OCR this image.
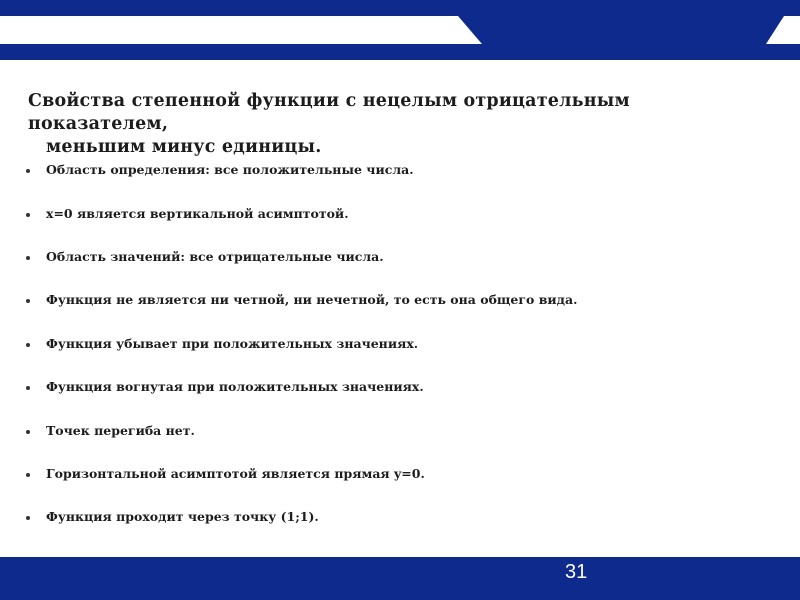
Свойства степенной функции с нецелым отрицательным показателем,
меньшим минус единицы.
Область определения: все положительные числа.
x=0 является вертикальной асимптотой.
Область значений: все отрицательные числа.
Функция не является ни четной, ни нечетной, то есть она общего вида.
Функция убывает при положительных значениях.
Функция вогнутая при положительных значениях.
Точек перегиба нет.
Горизонтальной асимптотой является прямая y=0.
Функция проходит через точку (1;1).
31
